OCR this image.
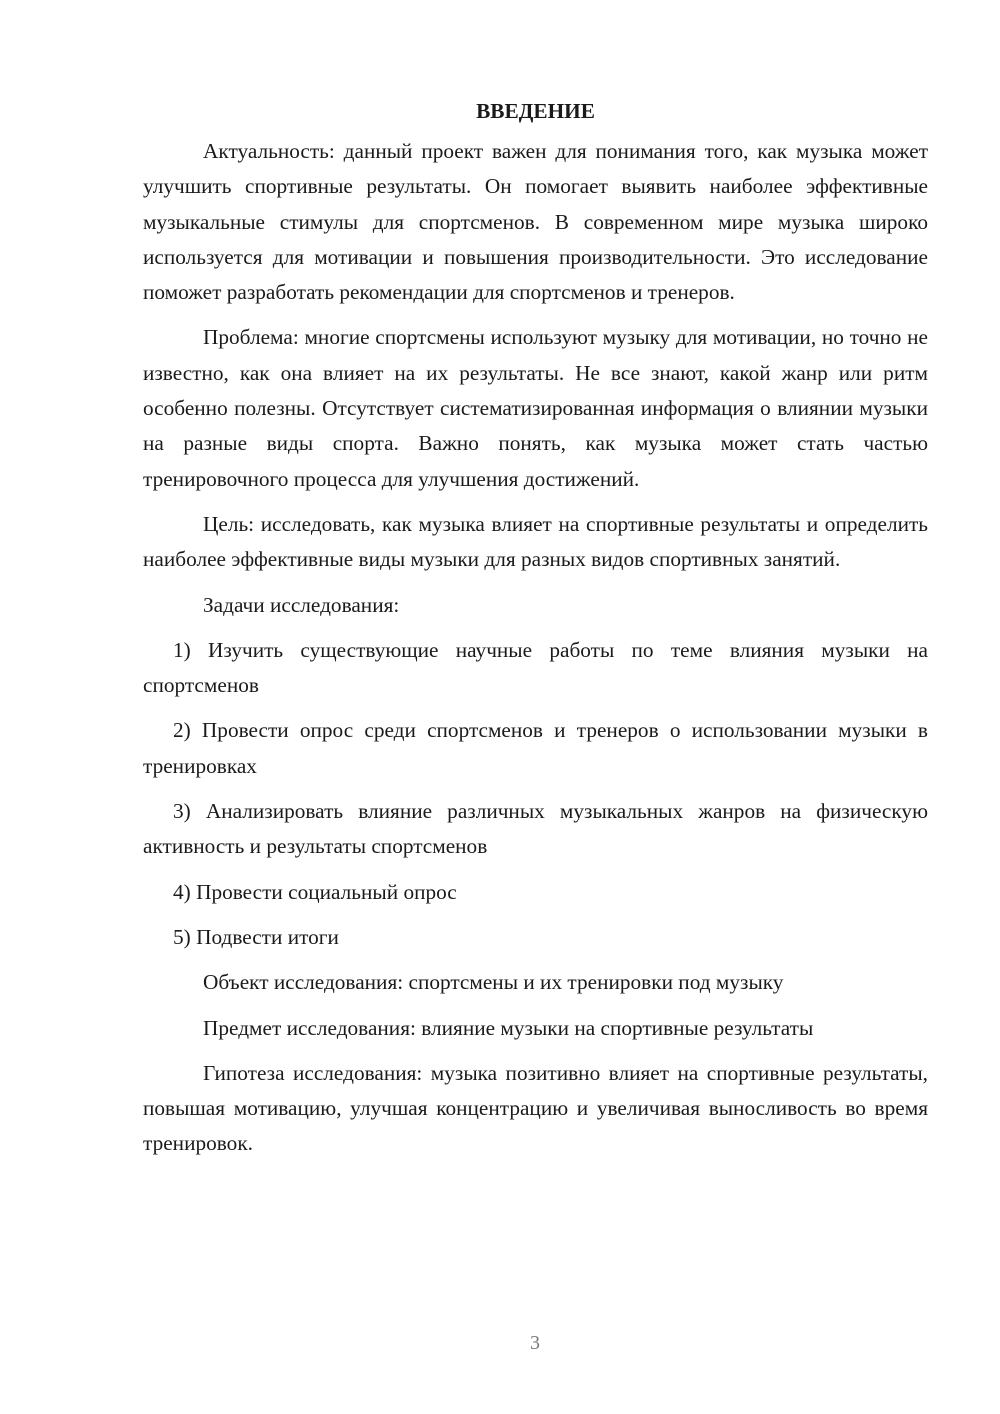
ВВЕДЕНИЕ

Актуальность: данный проект важен для понимания того, как музыка может улучшить спортивные результаты. Он помогает выявить наиболее эффективные музыкальные стимулы для спортсменов. В современном мире музыка широко используется для мотивации и повышения производительности. Это исследование поможет разработать рекомендации для спортсменов и тренеров.

Проблема: многие спортсмены используют музыку для мотивации, но точно не известно, как она влияет на их результаты. Не все знают, какой жанр или ритм особенно полезны. Отсутствует систематизированная информация о влиянии музыки на разные виды спорта. Важно понять, как музыка может стать частью тренировочного процесса для улучшения достижений.

Цель: исследовать, как музыка влияет на спортивные результаты и определить наиболее эффективные виды музыки для разных видов спортивных занятий.

Задачи исследования:

1) Изучить существующие научные работы по теме влияния музыки на спортсменов

2) Провести опрос среди спортсменов и тренеров о использовании музыки в тренировках

3) Анализировать влияние различных музыкальных жанров на физическую активность и результаты спортсменов

4) Провести социальный опрос

5) Подвести итоги

Объект исследования: спортсмены и их тренировки под музыку

Предмет исследования: влияние музыки на спортивные результаты

Гипотеза исследования: музыка позитивно влияет на спортивные результаты, повышая мотивацию, улучшая концентрацию и увеличивая выносливость во время тренировок.

3
